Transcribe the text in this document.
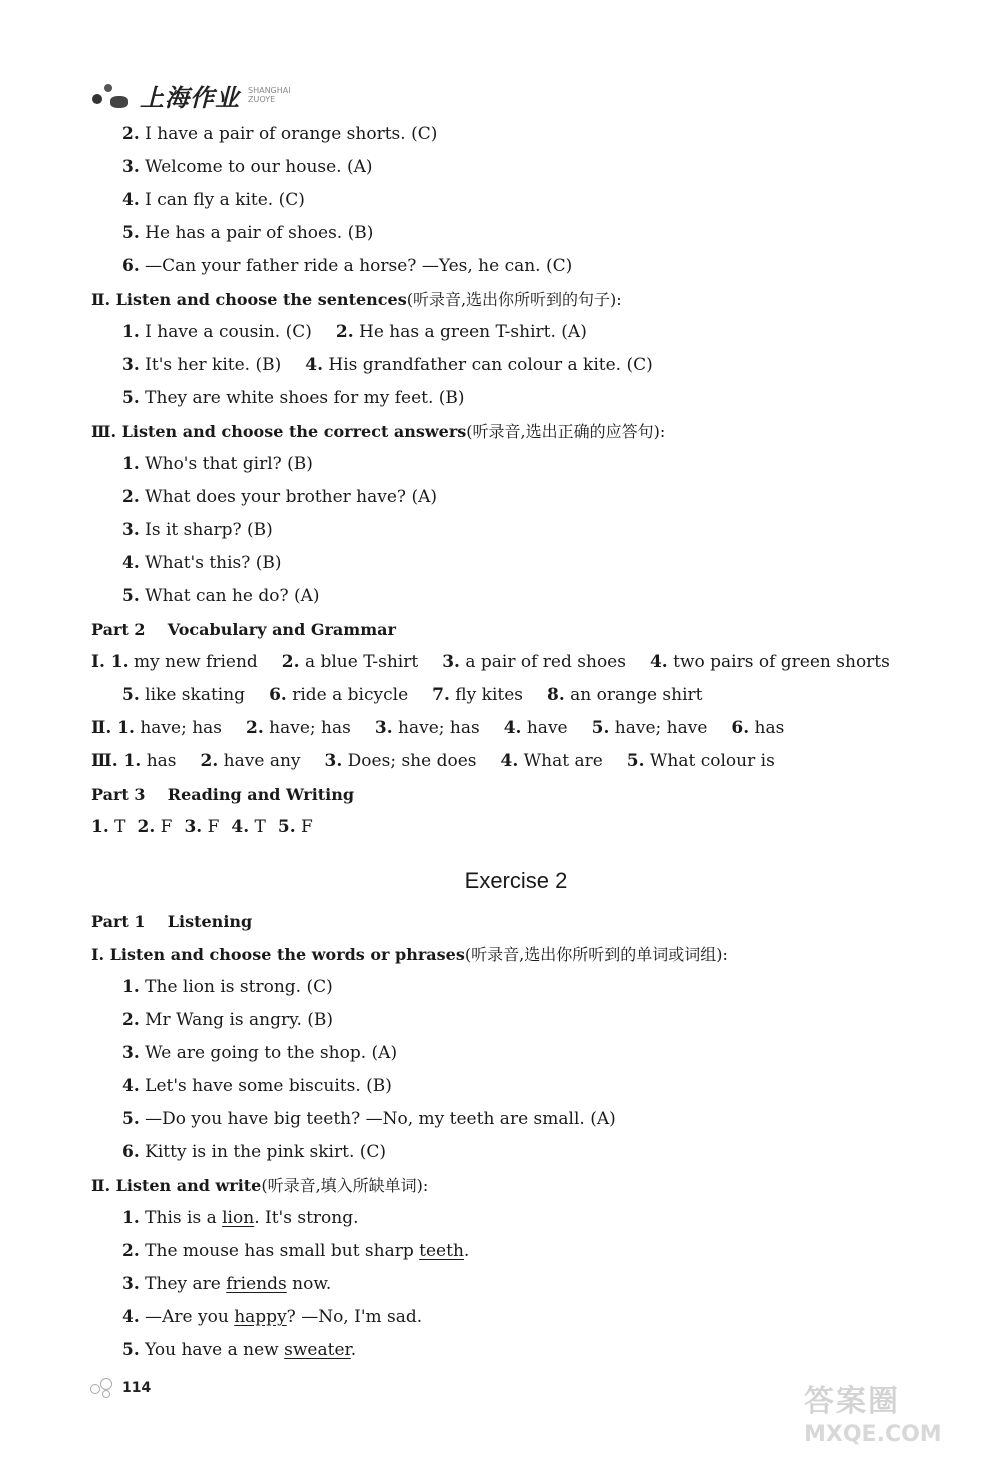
上海作业 SHANGHAI ZUOYE
2. I have a pair of orange shorts. (C)
3. Welcome to our house. (A)
4. I can fly a kite. (C)
5. He has a pair of shoes. (B)
6. —Can your father ride a horse? —Yes, he can. (C)
Ⅱ. Listen and choose the sentences(听录音,选出你所听到的句子):
1. I have a cousin. (C) 2. He has a green T-shirt. (A)
3. It's her kite. (B) 4. His grandfather can colour a kite. (C)
5. They are white shoes for my feet. (B)
Ⅲ. Listen and choose the correct answers(听录音,选出正确的应答句):
1. Who's that girl? (B)
2. What does your brother have? (A)
3. Is it sharp? (B)
4. What's this? (B)
5. What can he do? (A)
Part 2    Vocabulary and Grammar
Ⅰ. 1. my new friend 2. a blue T-shirt 3. a pair of red shoes 4. two pairs of green shorts
5. like skating 6. ride a bicycle 7. fly kites 8. an orange shirt
Ⅱ. 1. have; has 2. have; has 3. have; has 4. have 5. have; have 6. has
Ⅲ. 1. has 2. have any 3. Does; she does 4. What are 5. What colour is
Part 3    Reading and Writing
1. T 2. F 3. F 4. T 5. F
Exercise 2
Part 1    Listening
Ⅰ. Listen and choose the words or phrases(听录音,选出你所听到的单词或词组):
1. The lion is strong. (C)
2. Mr Wang is angry. (B)
3. We are going to the shop. (A)
4. Let's have some biscuits. (B)
5. —Do you have big teeth? —No, my teeth are small. (A)
6. Kitty is in the pink skirt. (C)
Ⅱ. Listen and write(听录音,填入所缺单词):
1. This is a lion. It's strong.
2. The mouse has small but sharp teeth.
3. They are friends now.
4. —Are you happy? —No, I'm sad.
5. You have a new sweater.
114	答案圈
MXQE.COM
